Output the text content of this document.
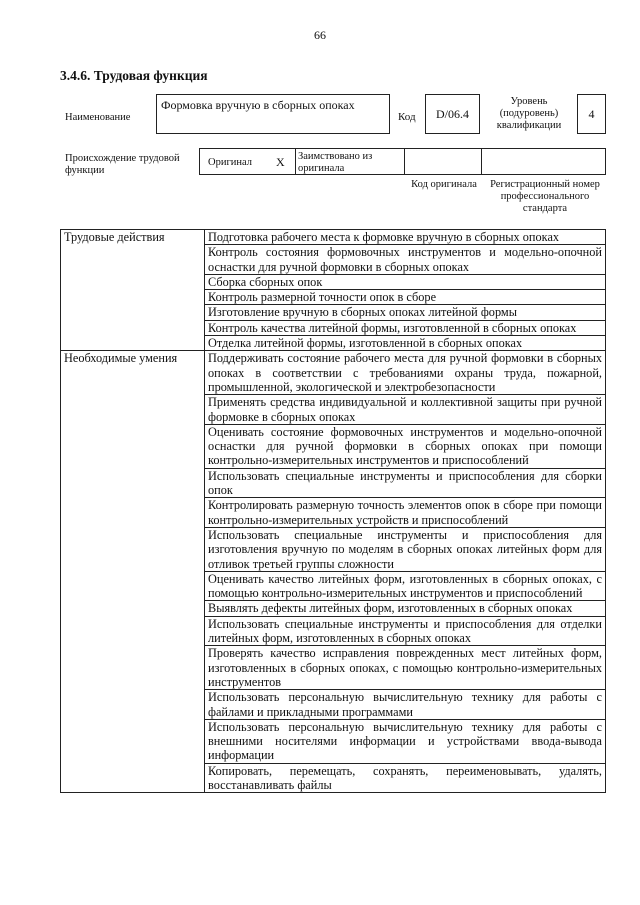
66
3.4.6. Трудовая функция
Наименование
Формовка вручную в сборных опоках
Код	D/06.4
Уровень (подуровень) квалификации
4
Происхождение трудовой функции
Оригинал X Заимствовано из оригинала
Код оригинала	Регистрационный номер профессионального стандарта
Трудовые действия	Подготовка рабочего места к формовке вручную в сборных опоках
	Контроль состояния формовочных инструментов и модельно-опочной оснастки для ручной формовки в сборных опоках
	Сборка сборных опок
	Контроль размерной точности опок в сборе
	Изготовление вручную в сборных опоках литейной формы
	Контроль качества литейной формы, изготовленной в сборных опоках
	Отделка литейной формы, изготовленной в сборных опоках
Необходимые умения	Поддерживать состояние рабочего места для ручной формовки в сборных опоках в соответствии с требованиями охраны труда, пожарной, промышленной, экологической и электробезопасности
	Применять средства индивидуальной и коллективной защиты при ручной формовке в сборных опоках
	Оценивать состояние формовочных инструментов и модельно-опочной оснастки для ручной формовки в сборных опоках при помощи контрольно-измерительных инструментов и приспособлений
	Использовать специальные инструменты и приспособления для сборки опок
	Контролировать размерную точность элементов опок в сборе при помощи контрольно-измерительных устройств и приспособлений
	Использовать специальные инструменты и приспособления для изготовления вручную по моделям в сборных опоках литейных форм для отливок третьей группы сложности
	Оценивать качество литейных форм, изготовленных в сборных опоках, с помощью контрольно-измерительных инструментов и приспособлений
	Выявлять дефекты литейных форм, изготовленных в сборных опоках
	Использовать специальные инструменты и приспособления для отделки литейных форм, изготовленных в сборных опоках
	Проверять качество исправления поврежденных мест литейных форм, изготовленных в сборных опоках, с помощью контрольно-измерительных инструментов
	Использовать персональную вычислительную технику для работы с файлами и прикладными программами
	Использовать персональную вычислительную технику для работы с внешними носителями информации и устройствами ввода-вывода информации
	Копировать, перемещать, сохранять, переименовывать, удалять, восстанавливать файлы
